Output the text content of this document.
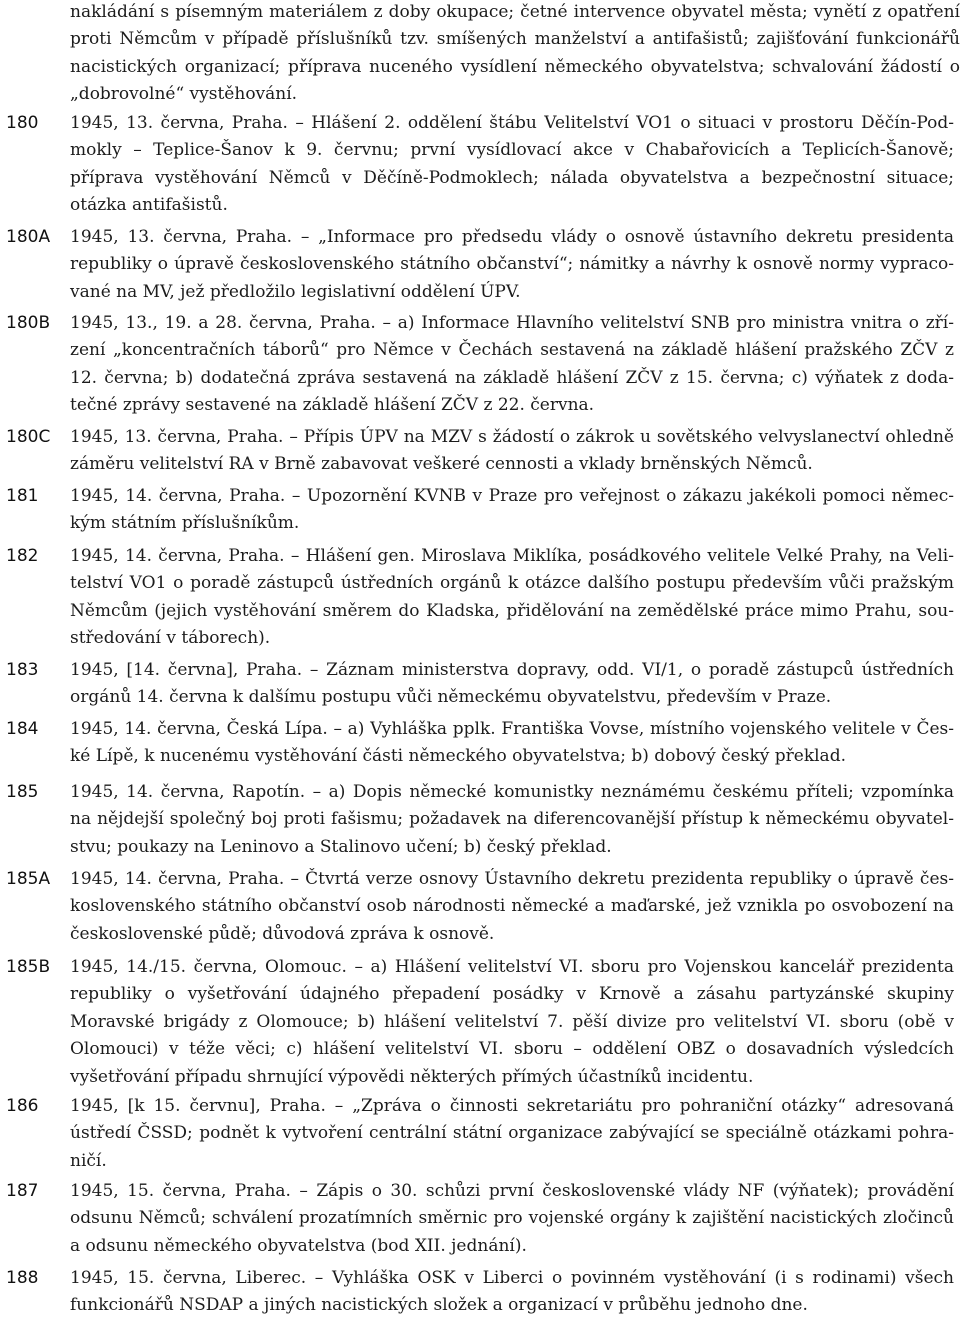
nakládání s písemným materiálem z doby okupace; četné intervence obyvatel města; vynětí z opatření proti Němcům v případě příslušníků tzv. smíšených manželství a antifašistů; zajišťování funkcionářů nacistických organizací; příprava nuceného vysídlení německého obyvatelstva; schvalování žádostí o „dobrovolné“ vystěhování.

180	1945, 13. června, Praha. – Hlášení 2. oddělení štábu Velitelství VO1 o situaci v prostoru Děčín-Podmokly – Teplice-Šanov k 9. červnu; první vysídlovací akce v Chabařovicích a Teplicích-Šanově; příprava vystěhování Němců v Děčíně-Podmoklech; nálada obyvatelstva a bezpečnostní situace; otázka antifašistů.

180A	1945, 13. června, Praha. – „Informace pro předsedu vlády o osnově ústavního dekretu presidenta republiky o úpravě československého státního občanství“; námitky a návrhy k osnově normy vypracované na MV, jež předložilo legislativní oddělení ÚPV.

180B	1945, 13., 19. a 28. června, Praha. – a) Informace Hlavního velitelství SNB pro ministra vnitra o zřízení „koncentračních táborů“ pro Němce v Čechách sestavená na základě hlášení pražského ZČV z 12. června; b) dodatečná zpráva sestavená na základě hlášení ZČV z 15. června; c) výňatek z dodatečné zprávy sestavené na základě hlášení ZČV z 22. června.

180C	1945, 13. června, Praha. – Přípis ÚPV na MZV s žádostí o zákrok u sovětského velvyslanectví ohledně záměru velitelství RA v Brně zabavovat veškeré cennosti a vklady brněnských Němců.

181	1945, 14. června, Praha. – Upozornění KVNB v Praze pro veřejnost o zákazu jakékoli pomoci německým státním příslušníkům.

182	1945, 14. června, Praha. – Hlášení gen. Miroslava Miklíka, posádkového velitele Velké Prahy, na Velitelství VO1 o poradě zástupců ústředních orgánů k otázce dalšího postupu především vůči pražským Němcům (jejich vystěhování směrem do Kladska, přidělování na zemědělské práce mimo Prahu, soustředování v táborech).

183	1945, [14. června], Praha. – Záznam ministerstva dopravy, odd. VI/1, o poradě zástupců ústředních orgánů 14. června k dalšímu postupu vůči německému obyvatelstvu, především v Praze.

184	1945, 14. června, Česká Lípa. – a) Vyhláška pplk. Františka Vovse, místního vojenského velitele v České Lípě, k nucenému vystěhování části německého obyvatelstva; b) dobový český překlad.

185	1945, 14. června, Rapotín. – a) Dopis německé komunistky neznámému českému příteli; vzpomínka na nějdejší společný boj proti fašismu; požadavek na diferencovanější přístup k německému obyvatelstvu; poukazy na Leninovo a Stalinovo učení; b) český překlad.

185A	1945, 14. června, Praha. – Čtvrtá verze osnovy Ústavního dekretu prezidenta republiky o úpravě československého státního občanství osob národnosti německé a maďarské, jež vznikla po osvobození na československé půdě; důvodová zpráva k osnově.

185B	1945, 14./15. června, Olomouc. – a) Hlášení velitelství VI. sboru pro Vojenskou kancelář prezidenta republiky o vyšetřování údajného přepadení posádky v Krnově a zásahu partyzánské skupiny Moravské brigády z Olomouce; b) hlášení velitelství 7. pěší divize pro velitelství VI. sboru (obě v Olomouci) v téže věci; c) hlášení velitelství VI. sboru – oddělení OBZ o dosavadních výsledcích vyšetřování případu shrnující výpovědi některých přímých účastníků incidentu.

186	1945, [k 15. červnu], Praha. – „Zpráva o činnosti sekretariátu pro pohraniční otázky“ adresovaná ústředí ČSSD; podnět k vytvoření centrální státní organizace zabývající se speciálně otázkami pohraničí.

187	1945, 15. června, Praha. – Zápis o 30. schůzi první československé vlády NF (výňatek); provádění odsunu Němců; schválení prozatímních směrnic pro vojenské orgány k zajištění nacistických zločinců a odsunu německého obyvatelstva (bod XII. jednání).

188	1945, 15. června, Liberec. – Vyhláška OSK v Liberci o povinném vystěhování (i s rodinami) všech funkcionářů NSDAP a jiných nacistických složek a organizací v průběhu jednoho dne.
